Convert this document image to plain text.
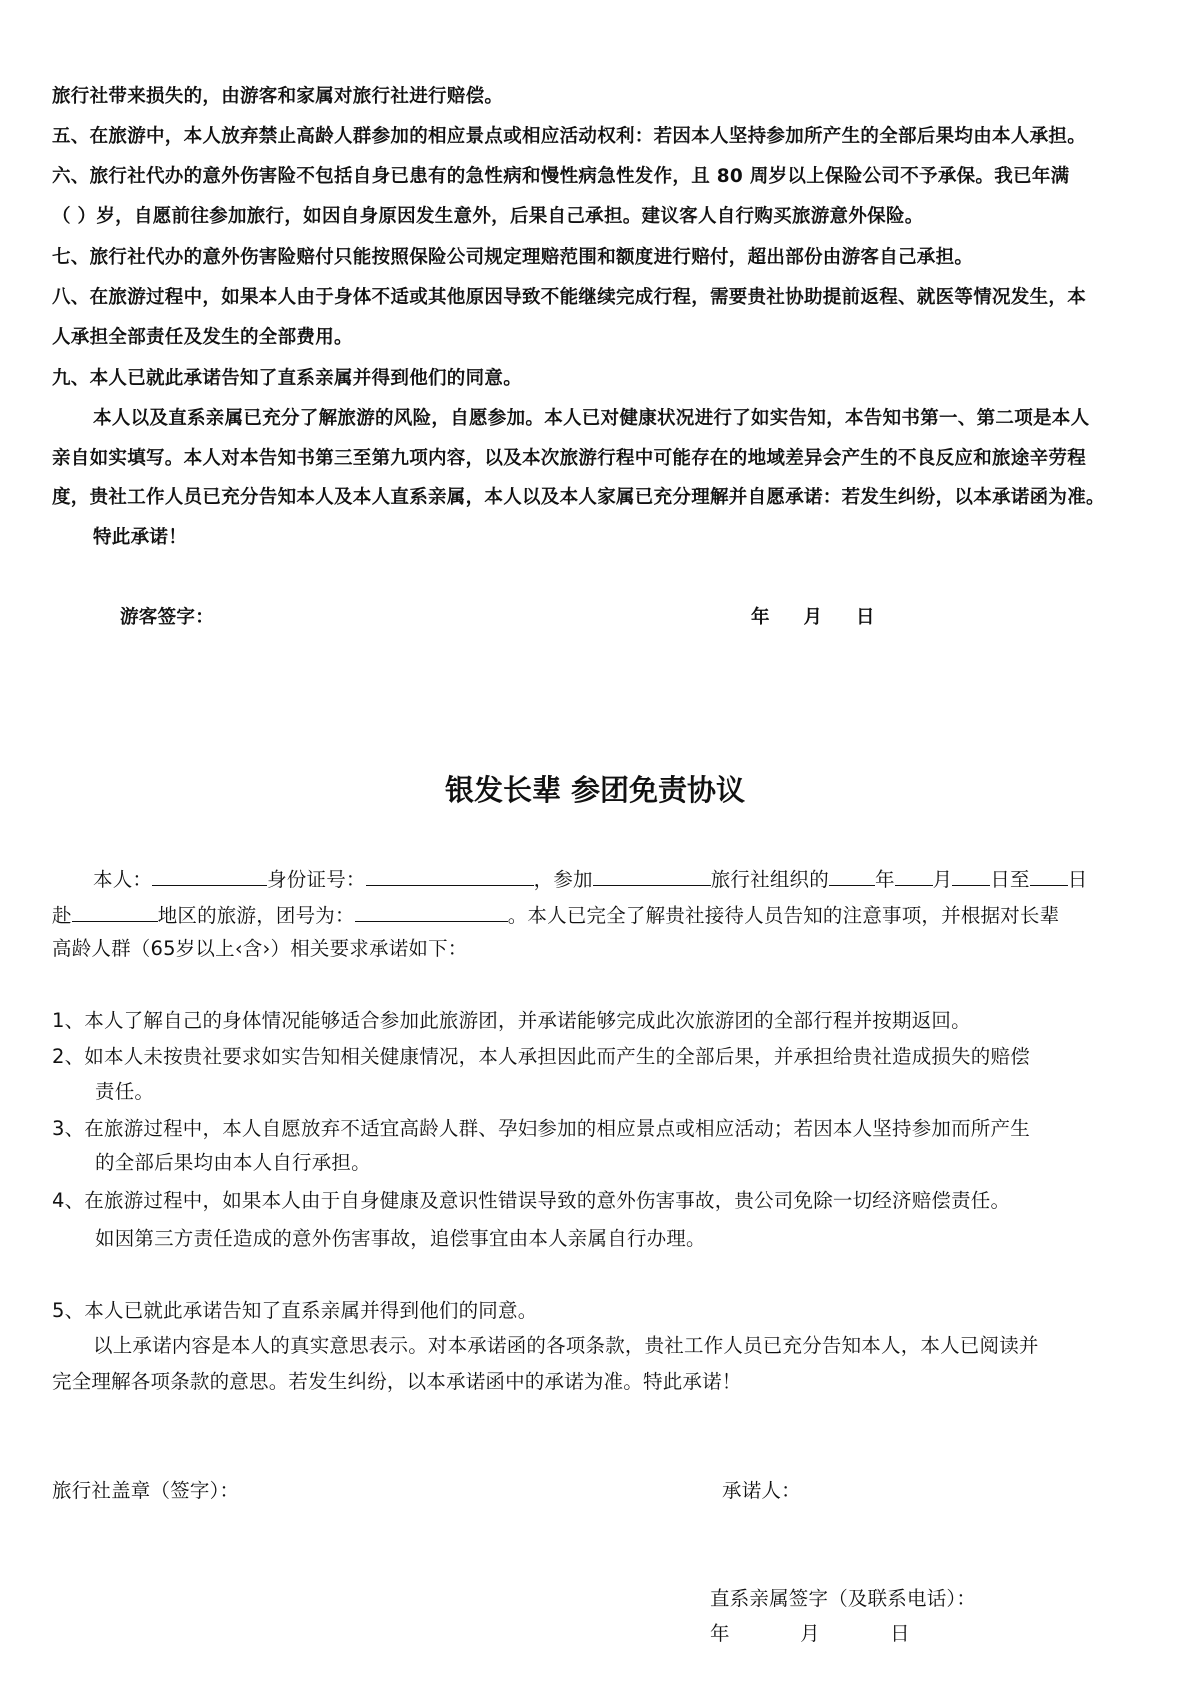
旅行社带来损失的，由游客和家属对旅行社进行赔偿。
五、在旅游中，本人放弃禁止高龄人群参加的相应景点或相应活动权利：若因本人坚持参加所产生的全部后果均由本人承担。
六、旅行社代办的意外伤害险不包括自身已患有的急性病和慢性病急性发作，且 80 周岁以上保险公司不予承保。我已年满
（ ）岁，自愿前往参加旅行，如因自身原因发生意外，后果自己承担。建议客人自行购买旅游意外保险。
七、旅行社代办的意外伤害险赔付只能按照保险公司规定理赔范围和额度进行赔付，超出部份由游客自己承担。
八、在旅游过程中，如果本人由于身体不适或其他原因导致不能继续完成行程，需要贵社协助提前返程、就医等情况发生，本
人承担全部责任及发生的全部费用。
九、本人已就此承诺告知了直系亲属并得到他们的同意。
本人以及直系亲属已充分了解旅游的风险，自愿参加。本人已对健康状况进行了如实告知，本告知书第一、第二项是本人
亲自如实填写。本人对本告知书第三至第九项内容，以及本次旅游行程中可能存在的地域差异会产生的不良反应和旅途辛劳程
度，贵社工作人员已充分告知本人及本人直系亲属，本人以及本人家属已充分理解并自愿承诺：若发生纠纷，以本承诺函为准。
特此承诺！
游客签字：	年     月     日
银发长辈 参团免责协议
本人：	身份证号：	，参加	旅行社组织的 年 月 日至 日
赴	地区的旅游，团号为：	。本人已完全了解贵社接待人员告知的注意事项，并根据对长辈
高龄人群（65岁以上‹含›）相关要求承诺如下：
1、本人了解自己的身体情况能够适合参加此旅游团，并承诺能够完成此次旅游团的全部行程并按期返回。
2、如本人未按贵社要求如实告知相关健康情况，本人承担因此而产生的全部后果，并承担给贵社造成损失的赔偿
责任。
3、在旅游过程中，本人自愿放弃不适宜高龄人群、孕妇参加的相应景点或相应活动；若因本人坚持参加而所产生
的全部后果均由本人自行承担。
4、在旅游过程中，如果本人由于自身健康及意识性错误导致的意外伤害事故，贵公司免除一切经济赔偿责任。
如因第三方责任造成的意外伤害事故，追偿事宜由本人亲属自行办理。
5、本人已就此承诺告知了直系亲属并得到他们的同意。
以上承诺内容是本人的真实意思表示。对本承诺函的各项条款，贵社工作人员已充分告知本人，本人已阅读并
完全理解各项条款的意思。若发生纠纷，以本承诺函中的承诺为准。特此承诺！
旅行社盖章（签字）：	承诺人：
直系亲属签字（及联系电话）：
年           月           日
